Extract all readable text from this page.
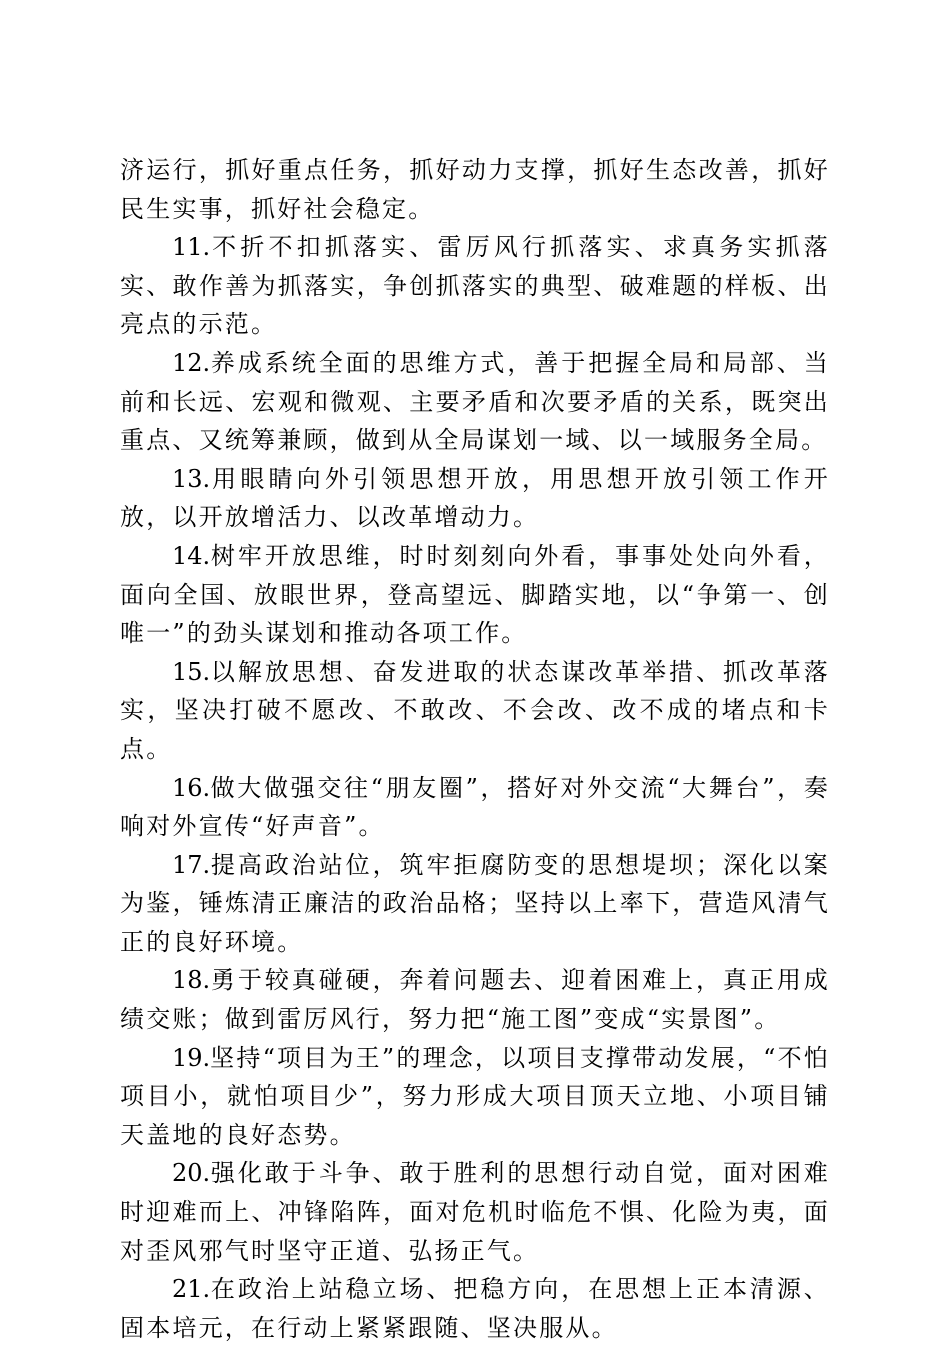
济运行，抓好重点任务，抓好动力支撑，抓好生态改善，抓好民生实事，抓好社会稳定。

11.不折不扣抓落实、雷厉风行抓落实、求真务实抓落实、敢作善为抓落实，争创抓落实的典型、破难题的样板、出亮点的示范。

12.养成系统全面的思维方式，善于把握全局和局部、当前和长远、宏观和微观、主要矛盾和次要矛盾的关系，既突出重点、又统筹兼顾，做到从全局谋划一域、以一域服务全局。

13.用眼睛向外引领思想开放，用思想开放引领工作开放，以开放增活力、以改革增动力。

14.树牢开放思维，时时刻刻向外看，事事处处向外看，面向全国、放眼世界，登高望远、脚踏实地，以“争第一、创唯一”的劲头谋划和推动各项工作。

15.以解放思想、奋发进取的状态谋改革举措、抓改革落实，坚决打破不愿改、不敢改、不会改、改不成的堵点和卡点。

16.做大做强交往“朋友圈”，搭好对外交流“大舞台”，奏响对外宣传“好声音”。

17.提高政治站位，筑牢拒腐防变的思想堤坝；深化以案为鉴，锤炼清正廉洁的政治品格；坚持以上率下，营造风清气正的良好环境。

18.勇于较真碰硬，奔着问题去、迎着困难上，真正用成绩交账；做到雷厉风行，努力把“施工图”变成“实景图”。

19.坚持“项目为王”的理念，以项目支撑带动发展，“不怕项目小，就怕项目少”，努力形成大项目顶天立地、小项目铺天盖地的良好态势。

20.强化敢于斗争、敢于胜利的思想行动自觉，面对困难时迎难而上、冲锋陷阵，面对危机时临危不惧、化险为夷，面对歪风邪气时坚守正道、弘扬正气。

21.在政治上站稳立场、把稳方向，在思想上正本清源、固本培元，在行动上紧紧跟随、坚决服从。
